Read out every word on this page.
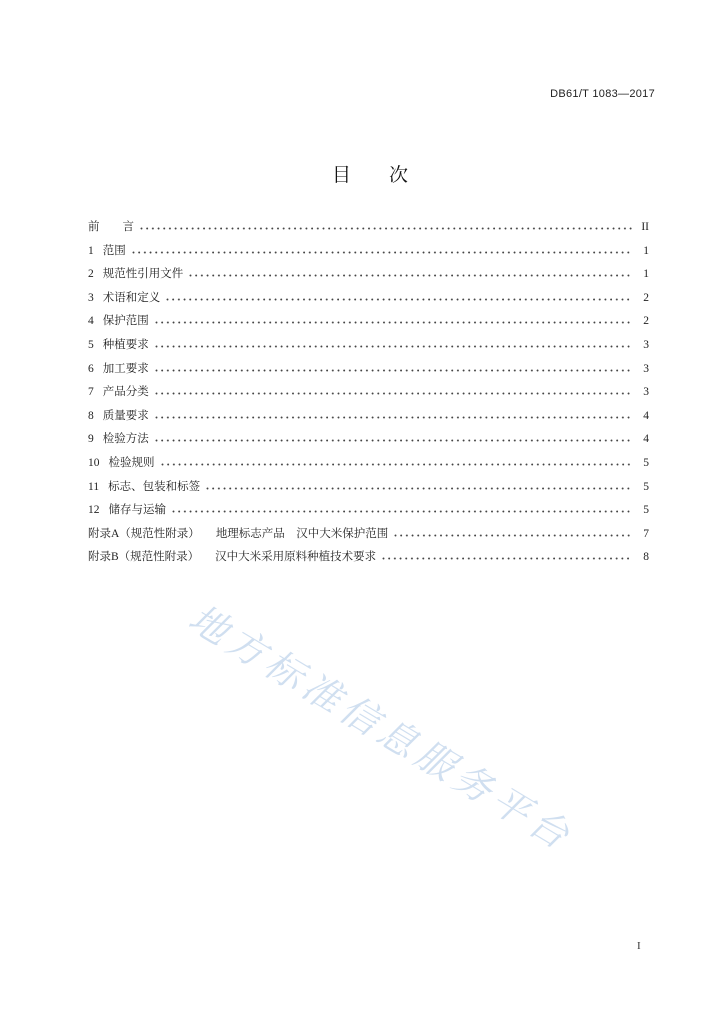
DB61/T 1083—2017
目　　次
前　　言	II
1 范围	1
2 规范性引用文件	1
3 术语和定义	2
4 保护范围	2
5 种植要求	3
6 加工要求	3
7 产品分类	3
8 质量要求	4
9 检验方法	4
10 检验规则	5
11 标志、包装和标签	5
12 储存与运输	5
附录A（规范性附录） 地理标志产品　汉中大米保护范围	7
附录B（规范性附录） 汉中大米采用原料种植技术要求	8
地方标准信息服务平台
I
